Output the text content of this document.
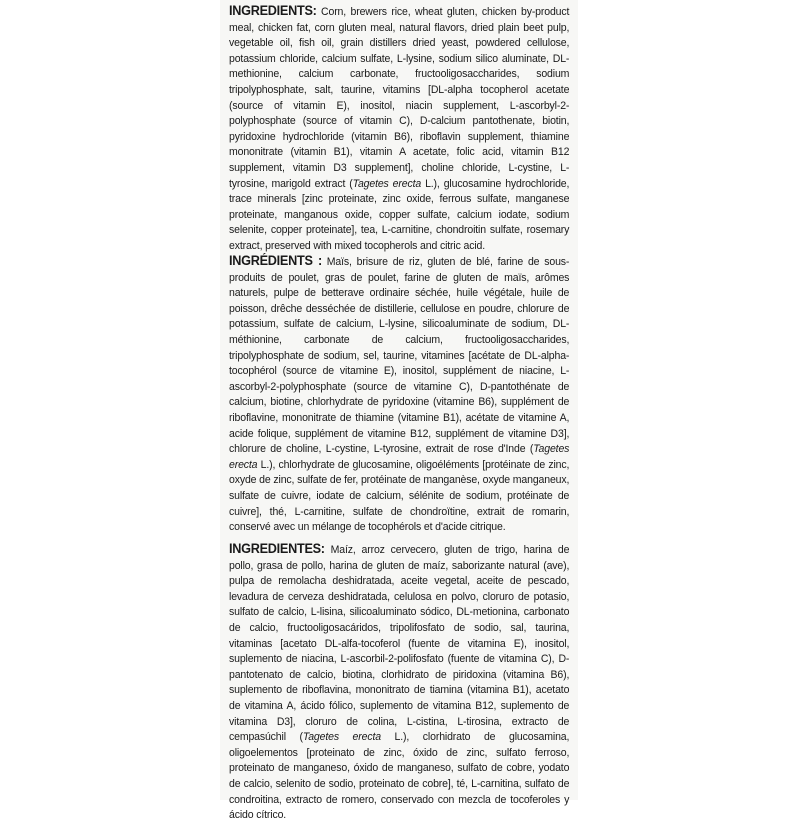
INGREDIENTS: Corn, brewers rice, wheat gluten, chicken by-product meal, chicken fat, corn gluten meal, natural flavors, dried plain beet pulp, vegetable oil, fish oil, grain distillers dried yeast, powdered cellulose, potassium chloride, calcium sulfate, L-lysine, sodium silico aluminate, DL-methionine, calcium carbonate, fructooligosaccharides, sodium tripolyphosphate, salt, taurine, vitamins [DL-alpha tocopherol acetate (source of vitamin E), inositol, niacin supplement, L-ascorbyl-2-polyphosphate (source of vitamin C), D-calcium pantothenate, biotin, pyridoxine hydrochloride (vitamin B6), riboflavin supplement, thiamine mononitrate (vitamin B1), vitamin A acetate, folic acid, vitamin B12 supplement, vitamin D3 supplement], choline chloride, L-cystine, L-tyrosine, marigold extract (Tagetes erecta L.), glucosamine hydrochloride, trace minerals [zinc proteinate, zinc oxide, ferrous sulfate, manganese proteinate, manganous oxide, copper sulfate, calcium iodate, sodium selenite, copper proteinate], tea, L-carnitine, chondroitin sulfate, rosemary extract, preserved with mixed tocopherols and citric acid.

INGRÉDIENTS : Maïs, brisure de riz, gluten de blé, farine de sous-produits de poulet, gras de poulet, farine de gluten de maïs, arômes naturels, pulpe de betterave ordinaire séchée, huile végétale, huile de poisson, drêche desséchée de distillerie, cellulose en poudre, chlorure de potassium, sulfate de calcium, L-lysine, silicoaluminate de sodium, DL-méthionine, carbonate de calcium, fructooligosaccharides, tripolyphosphate de sodium, sel, taurine, vitamines [acétate de DL-alpha-tocophérol (source de vitamine E), inositol, supplément de niacine, L-ascorbyl-2-polyphosphate (source de vitamine C), D-pantothénate de calcium, biotine, chlorhydrate de pyridoxine (vitamine B6), supplément de riboflavine, mononitrate de thiamine (vitamine B1), acétate de vitamine A, acide folique, supplément de vitamine B12, supplément de vitamine D3], chlorure de choline, L-cystine, L-tyrosine, extrait de rose d'Inde (Tagetes erecta L.), chlorhydrate de glucosamine, oligoéléments [protéinate de zinc, oxyde de zinc, sulfate de fer, protéinate de manganèse, oxyde manganeux, sulfate de cuivre, iodate de calcium, sélénite de sodium, protéinate de cuivre], thé, L-carnitine, sulfate de chondroïtine, extrait de romarin, conservé avec un mélange de tocophérols et d'acide citrique.

INGREDIENTES: Maíz, arroz cervecero, gluten de trigo, harina de pollo, grasa de pollo, harina de gluten de maíz, saborizante natural (ave), pulpa de remolacha deshidratada, aceite vegetal, aceite de pescado, levadura de cerveza deshidratada, celulosa en polvo, cloruro de potasio, sulfato de calcio, L-lisina, silicoaluminato sódico, DL-metionina, carbonato de calcio, fructooligosacáridos, tripolifosfato de sodio, sal, taurina, vitaminas [acetato DL-alfa-tocoferol (fuente de vitamina E), inositol, suplemento de niacina, L-ascorbil-2-polifosfato (fuente de vitamina C), D-pantotenato de calcio, biotina, clorhidrato de piridoxina (vitamina B6), suplemento de riboflavina, mononitrato de tiamina (vitamina B1), acetato de vitamina A, ácido fólico, suplemento de vitamina B12, suplemento de vitamina D3], cloruro de colina, L-cistina, L-tirosina, extracto de cempasúchil (Tagetes erecta L.), clorhidrato de glucosamina, oligoelementos [proteinato de zinc, óxido de zinc, sulfato ferroso, proteinato de manganeso, óxido de manganeso, sulfato de cobre, yodato de calcio, selenito de sodio, proteinato de cobre], té, L-carnitina, sulfato de condroitina, extracto de romero, conservado con mezcla de tocoferoles y ácido cítrico.
